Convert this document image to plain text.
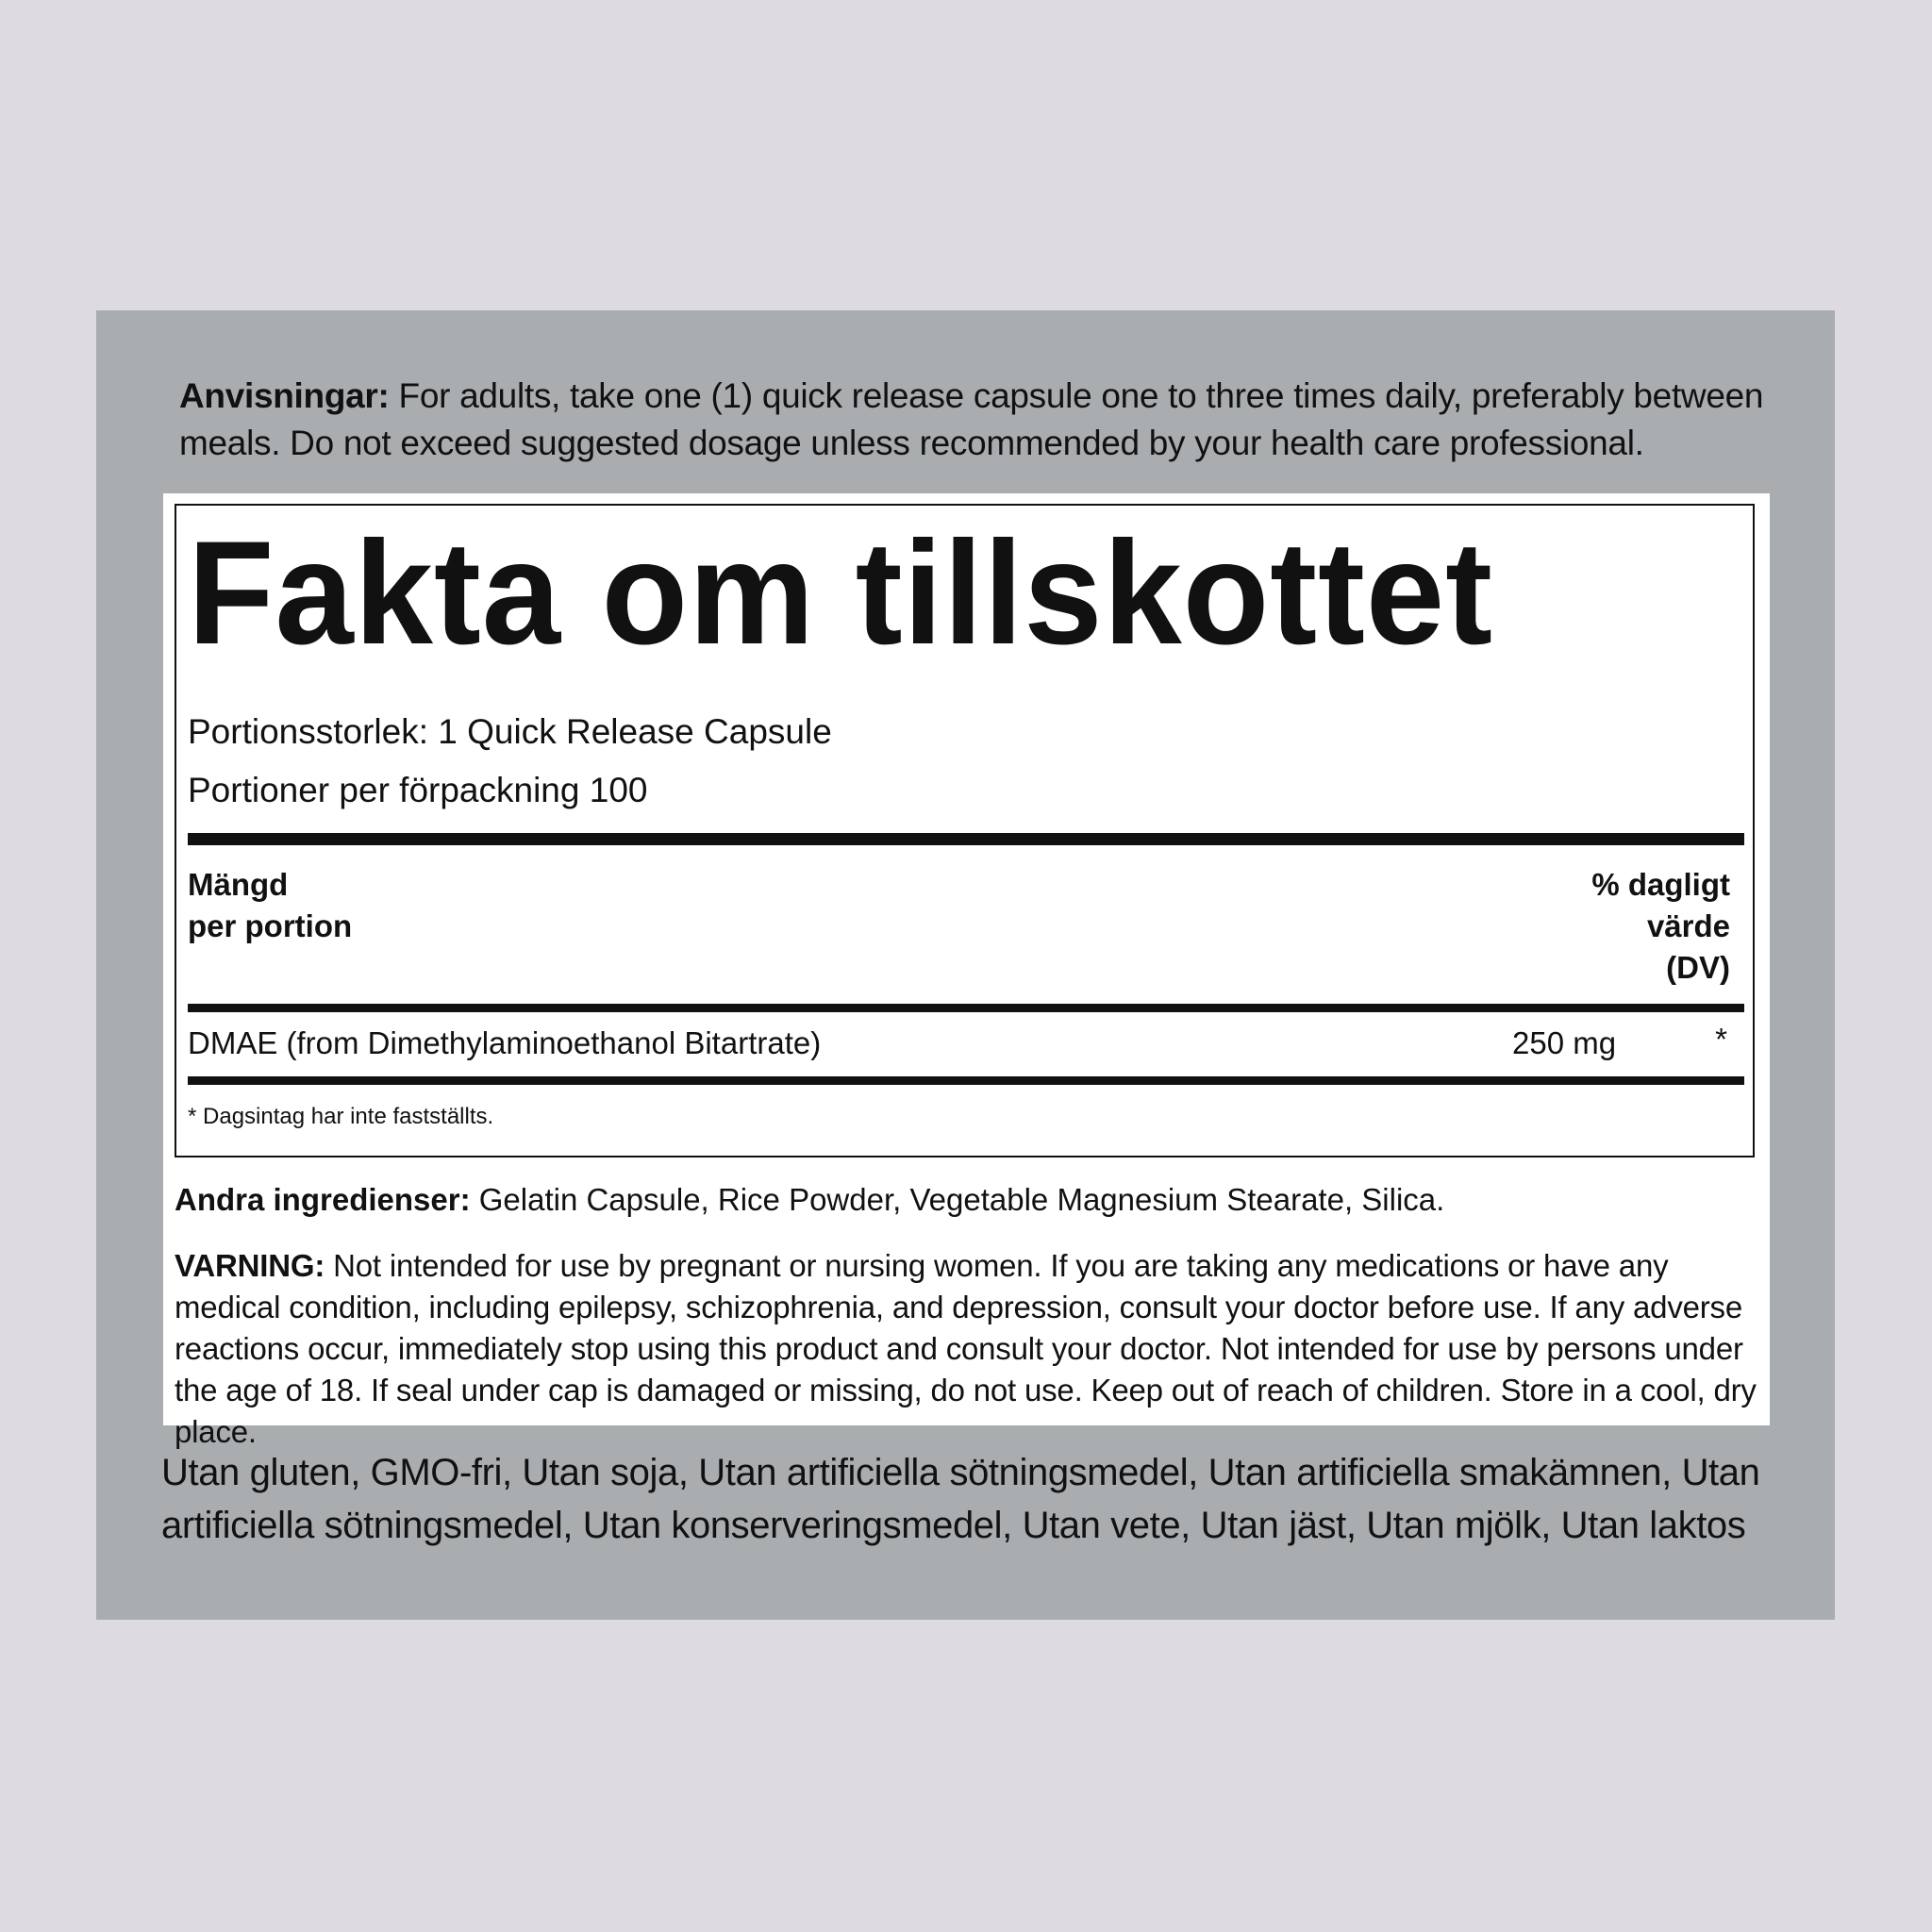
Anvisningar: For adults, take one (1) quick release capsule one to three times daily, preferably between meals. Do not exceed suggested dosage unless recommended by your health care professional.

Fakta om tillskottet
Portionsstorlek: 1 Quick Release Capsule
Portioner per förpackning 100
Mängd
per portion
% dagligt
värde
(DV)
DMAE (from Dimethylaminoethanol Bitartrate)	250 mg	*
* Dagsintag har inte fastställts.

Andra ingredienser: Gelatin Capsule, Rice Powder, Vegetable Magnesium Stearate, Silica.

VARNING: Not intended for use by pregnant or nursing women. If you are taking any medications or have any medical condition, including epilepsy, schizophrenia, and depression, consult your doctor before use. If any adverse reactions occur, immediately stop using this product and consult your doctor. Not intended for use by persons under the age of 18. If seal under cap is damaged or missing, do not use. Keep out of reach of children. Store in a cool, dry place.

Utan gluten, GMO-fri, Utan soja, Utan artificiella sötningsmedel, Utan artificiella smakämnen, Utan artificiella sötningsmedel, Utan konserveringsmedel, Utan vete, Utan jäst, Utan mjölk, Utan laktos
